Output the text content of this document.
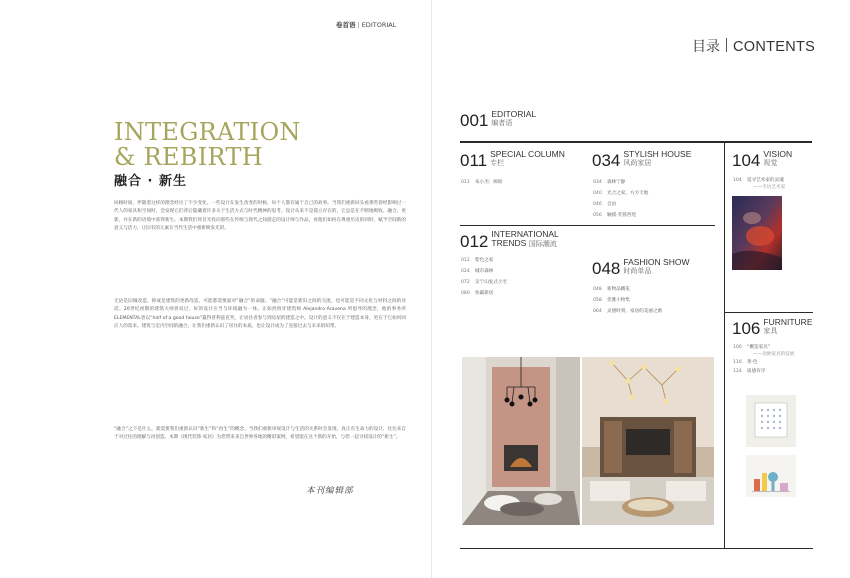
卷首语 | EDITORIAL
INTEGRATION
& REBIRTH
融合 · 新生
回顾时间，伴随着这样的理念经历了不少变化。一些设计在发生改变的时候，每个人都有属于自己的故事。当我们重新回头看那些曾经影响过一代人的家具和空间时，会发现它们背后隐藏着许多关于生活方式与时代精神的思考。设计从来不是孤立存在的，它总是在不断地吸收、融合、更新，并在新的语境中获得新生。本期我们将目光投向那些在传统与现代之间游走的设计师与作品，看他们如何在尊重历史的同时，赋予空间新的意义与活力，让旧有的元素在当代生活中重新焕发光彩。
无论是旧城改造，抑或是建筑的更新改造，可能都需要面对“融合”的命题。“融合”可能是新旧之间的交流，也可能是不同文化与材料之间的对话。20世纪初期的建筑大师曾说过，好的设计应当与环境融为一体。正如西班牙建筑师 Alejandro Aravena 所倡导的理念，他的事务所ELEMENTAL曾以“half of a good house”赢得普利兹克奖，让居住者参与到房屋的建造之中。设计的意义不仅在于建造本身，更在于它如何回应人的需求。建筑与室内空间的融合，让我们重新认识了居住的本质，也让设计成为了连接过去与未来的纽带。
“融合”之下是什么，就需要我们重新认识“新生”和“再生”的概念。当我们重新审视设计与生活的关系时会发现，真正有生命力的设计，往往来自于对过往的理解与再创造。本期《现代装饰·家居》为您带来来自世界各地的精彩案例，希望能在这个新的开始，与您一起寻找设计的“新生”。
本刊编辑部
目录 CONTENTS
001 EDITORIAL
编者语
011 SPECIAL COLUMN
专栏
011 朱小杰：顾盼
034 STYLISH HOUSE
风尚家居
034 森林宁静
040 光合之家，方方天地
046 自由
056 触摸·芙蓉西苑
104 VISION
视觉
104 追寻艺术家的灵魂
——专访艺术家
012 INTERNATIONAL
TRENDS 国际潮流
012 紫色之家
024 城市森林
072 吴宁山复式小宅
080 快霸新居
048 FASHION SHOW
时尚单品
048 新物品概览
058 优雅小物集
064 灵感时刻，家居的美丽之源
106 FURNITURE
家具
106 “概览家具”
——北欧家具的发展
116 黄·色
124 质感有序
